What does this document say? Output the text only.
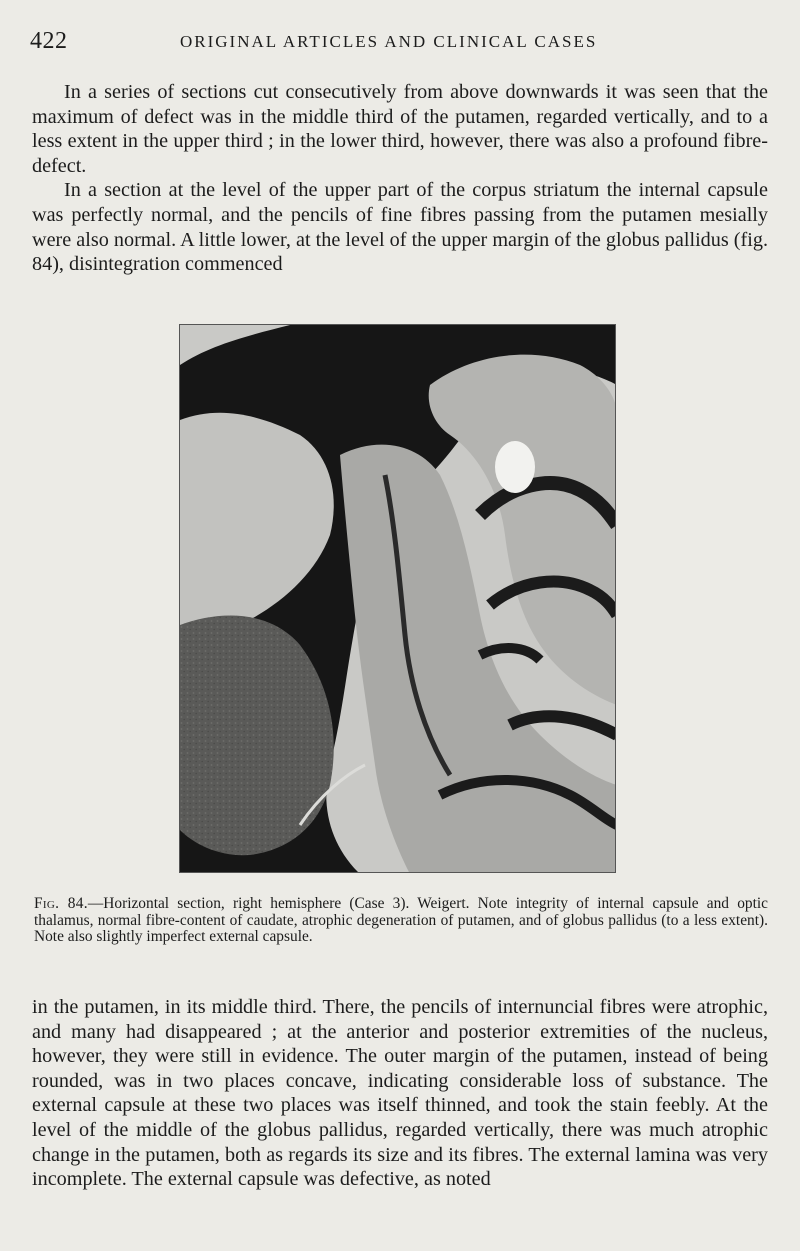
422	ORIGINAL ARTICLES AND CLINICAL CASES

In a series of sections cut consecutively from above downwards it was seen that the maximum of defect was in the middle third of the putamen, regarded vertically, and to a less extent in the upper third ; in the lower third, however, there was also a profound fibre-defect.

In a section at the level of the upper part of the corpus striatum the internal capsule was perfectly normal, and the pencils of fine fibres passing from the putamen mesially were also normal. A little lower, at the level of the upper margin of the globus pallidus (fig. 84), disintegration commenced

Fig. 84.—Horizontal section, right hemisphere (Case 3). Weigert. Note integrity of internal capsule and optic thalamus, normal fibre-content of caudate, atrophic degeneration of putamen, and of globus pallidus (to a less extent). Note also slightly imperfect external capsule.

in the putamen, in its middle third. There, the pencils of internuncial fibres were atrophic, and many had disappeared ; at the anterior and posterior extremities of the nucleus, however, they were still in evidence. The outer margin of the putamen, instead of being rounded, was in two places concave, indicating considerable loss of substance. The external capsule at these two places was itself thinned, and took the stain feebly. At the level of the middle of the globus pallidus, regarded vertically, there was much atrophic change in the putamen, both as regards its size and its fibres. The external lamina was very incomplete. The external capsule was defective, as noted
